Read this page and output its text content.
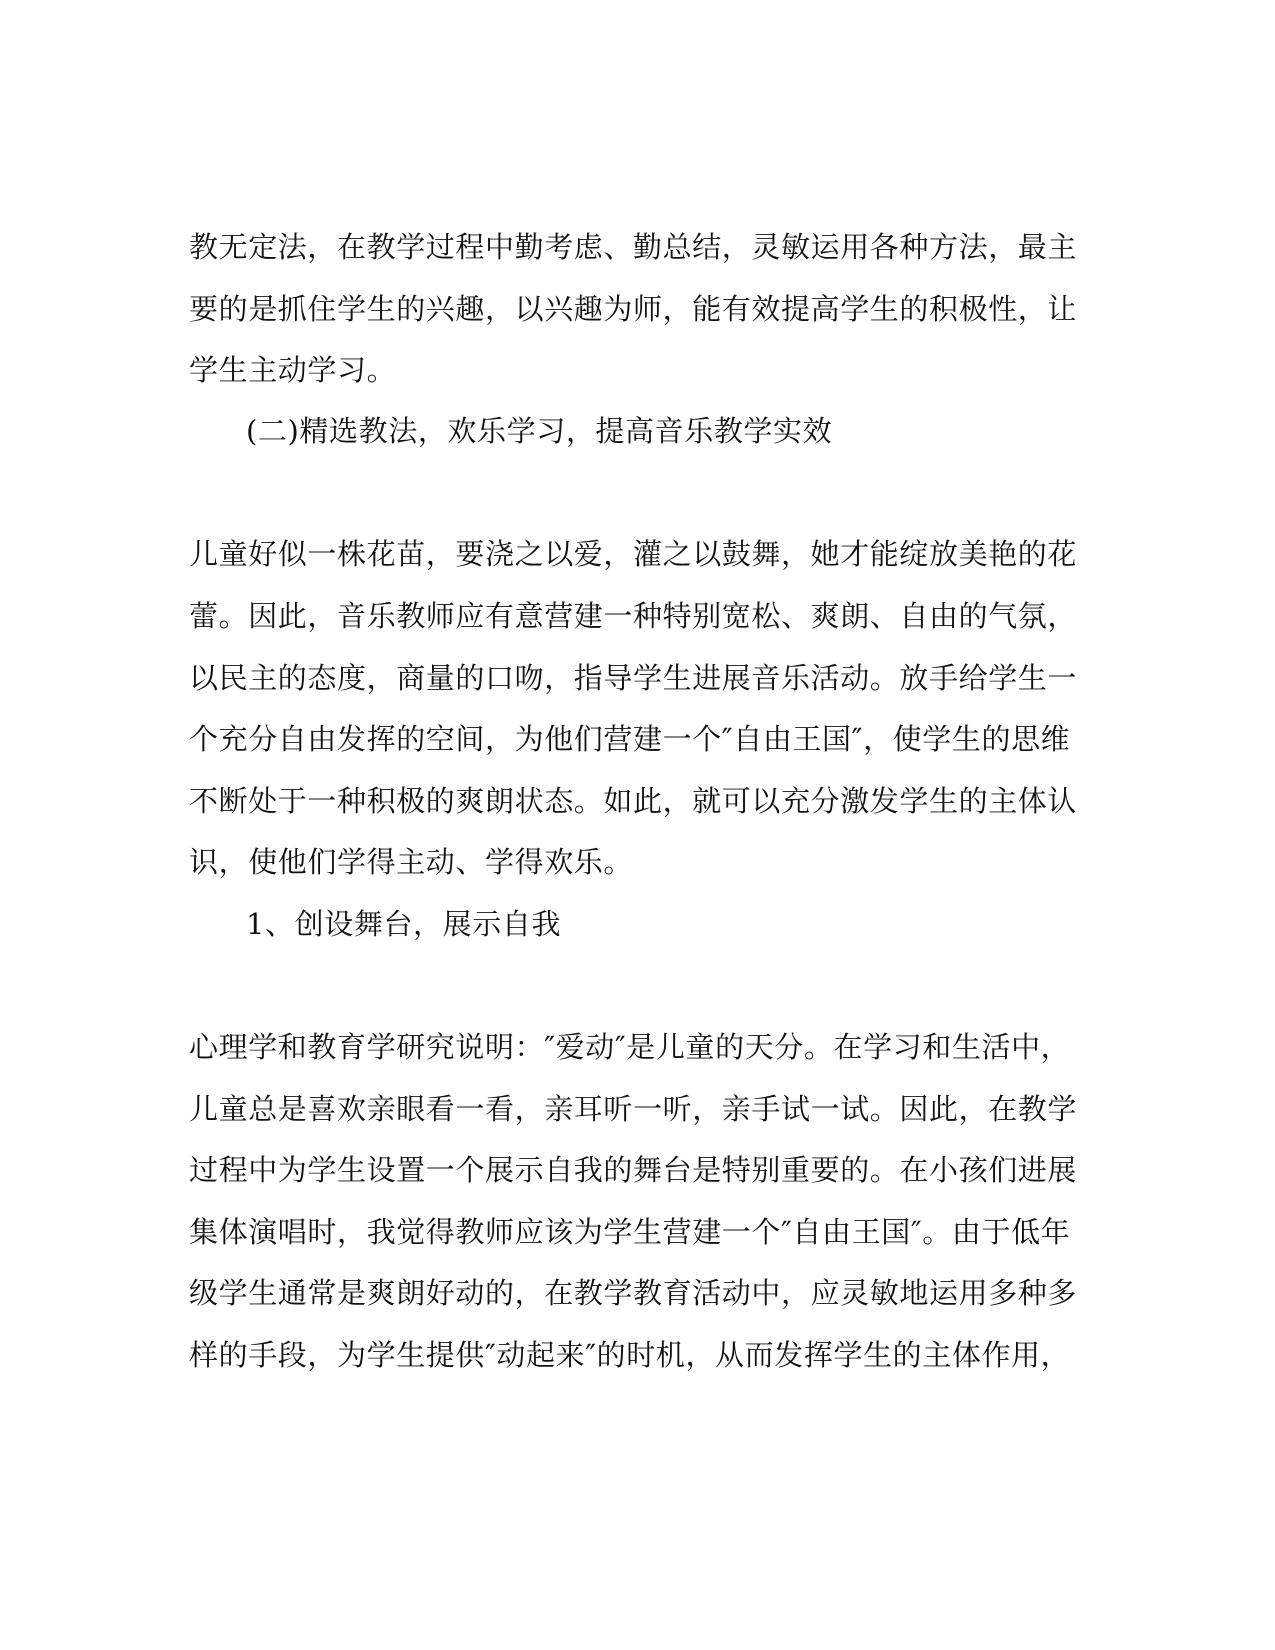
教无定法，在教学过程中勤考虑、勤总结，灵敏运用各种方法，最主
要的是抓住学生的兴趣，以兴趣为师，能有效提高学生的积极性，让
学生主动学习。
(二)精选教法，欢乐学习，提高音乐教学实效
儿童好似一株花苗，要浇之以爱，灌之以鼓舞，她才能绽放美艳的花
蕾。因此，音乐教师应有意营建一种特别宽松、爽朗、自由的气氛，
以民主的态度，商量的口吻，指导学生进展音乐活动。放手给学生一
个充分自由发挥的空间，为他们营建一个″自由王国″，使学生的思维
不断处于一种积极的爽朗状态。如此，就可以充分激发学生的主体认
识，使他们学得主动、学得欢乐。
1、创设舞台，展示自我
心理学和教育学研究说明：″爱动″是儿童的天分。在学习和生活中，
儿童总是喜欢亲眼看一看，亲耳听一听，亲手试一试。因此，在教学
过程中为学生设置一个展示自我的舞台是特别重要的。在小孩们进展
集体演唱时，我觉得教师应该为学生营建一个″自由王国″。由于低年
级学生通常是爽朗好动的，在教学教育活动中，应灵敏地运用多种多
样的手段，为学生提供″动起来″的时机，从而发挥学生的主体作用，
